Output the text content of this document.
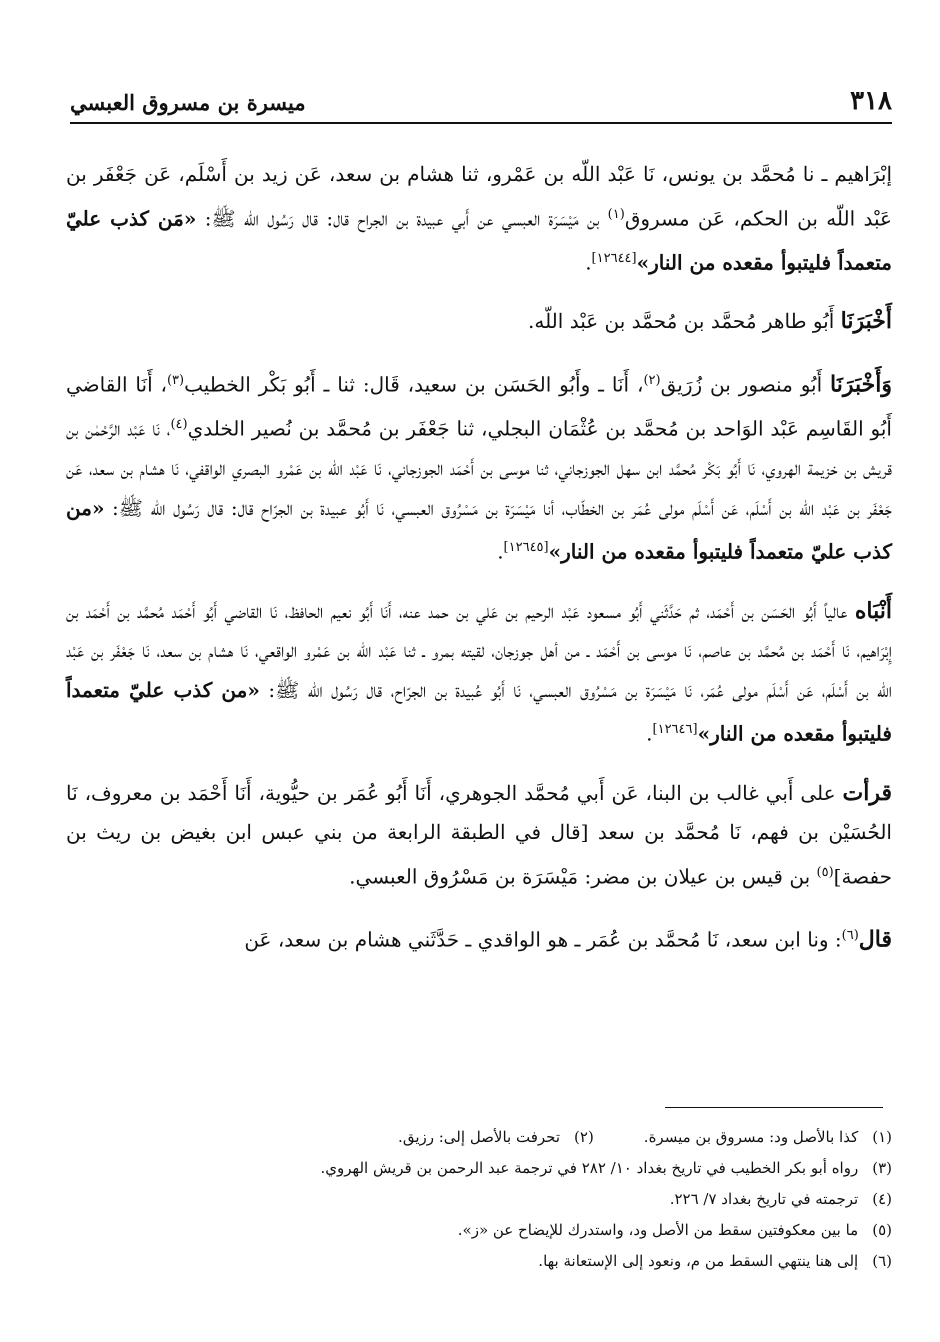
٣١٨
ميسرة بن مسروق العبسي

إبْرَاهيم ـ نا مُحمَّد بن يونس، نَا عَبْد اللّه بن عَمْرو، ثنا هشام بن سعد، عَن زيد بن أَسْلَم، عَن جَعْفَر بن عَبْد اللّه بن الحكم، عَن مسروق$^{(١)}$ بن مَيْسَرَة العبسي عن أَبي عبيدة بن الجراح قال: قال رَسُول اللّه ﷺ: «مَن كذب عليّ متعمداً فليتبوأ مقعده من النار»[١٢٦٤٤].

أَخْبَرَنَا أَبُو طاهر مُحمَّد بن مُحمَّد بن عَبْد اللّه.

وَأَخْبَرَنَا أَبُو منصور بن زُرَيق$^{(٢)}$، أَنَا ـ وأَبُو الحَسَن بن سعيد، قَال: ثنا ـ أَبُو بَكْر الخطيب$^{(٣)}$، أَنَا القاضي أَبُو القَاسِم عَبْد الوَاحد بن مُحمَّد بن عُثْمَان البجلي، ثنا جَعْفَر بن مُحمَّد بن نُصير الخلدي$^{(٤)}$، نَا عَبْد الرَّحْمٰن بن قريش بن خزيمة الهروي، نَا أَبُو بَكْر مُحمَّد ابن سهل الجوزجاني، ثنا موسى بن أَحْمَد الجوزجاني، نَا عَبْد اللّه بن عَمْرو البصري الواقفي، نَا هشام بن سعد، عَن جَعْفَر بن عَبْد اللّه بن أَسْلَم، عَن أَسْلَم مولى عُمَر بن الخطّاب، أنا مَيْسَرَة بن مَسْرُوق العبسي، نَا أَبُو عبيدة بن الجرّاح قال: قال رَسُول اللّه ﷺ: «من كذب عليّ متعمداً فليتبوأ مقعده من النار»[١٢٦٤٥].

أَنْبَاه عالياً أَبُو الحَسَن بن أَحْمَد، ثم حَدَّثَني أَبُو مسعود عَبْد الرحيم بن عَلي بن حمد عنه، أَنَا أَبُو نعيم الحافظ، نَا القاضي أَبُو أَحْمَد مُحمَّد بن أَحْمَد بن إِبْرَاهيم، نَا أَحْمَد بن مُحمَّد بن عاصم، نَا موسى بن أَحْمَد ـ من أهل جوزجان، لقيته بمرو ـ ثنا عَبْد اللّه بن عَمْرو الواقعي، نَا هشام بن سعد، نَا جَعْفَر بن عَبْد اللّه بن أَسْلَم، عَن أَسْلَم مولى عُمَر، نَا مَيْسَرَة بن مَسْرُوق العبسي، نَا أَبُو عُبيدة بن الجرّاح، قال رَسُول اللّه ﷺ: «من كذب عليّ متعمداً فليتبوأ مقعده من النار»[١٢٦٤٦].

قرأت على أَبي غالب بن البنا، عَن أَبي مُحمَّد الجوهري، أَنَا أَبُو عُمَر بن حيُّوية، أَنَا أَحْمَد بن معروف، نَا الحُسَيْن بن فهم، نَا مُحمَّد بن سعد [قال في الطبقة الرابعة من بني عبس ابن بغيض بن ريث بن حفصة]$^{(٥)}$ بن قيس بن عيلان بن مضر: مَيْسَرَة بن مَسْرُوق العبسي.

قال$^{(٦)}$: ونا ابن سعد، نَا مُحمَّد بن عُمَر ـ هو الواقدي ـ حَدَّثَني هشام بن سعد، عَن

(١)
كذا بالأصل ود: مسروق بن ميسرة.
(٢)
تحرفت بالأصل إلى: رزيق.
(٣)
رواه أبو بكر الخطيب في تاريخ بغداد ١٠/ ٢٨٢ في ترجمة عبد الرحمن بن قريش الهروي.
(٤)
ترجمته في تاريخ بغداد ٧/ ٢٢٦.
(٥)
ما بين معكوفتين سقط من الأصل ود، واستدرك للإيضاح عن «ز».
(٦)
إلى هنا ينتهي السقط من م، ونعود إلى الإستعانة بها.
